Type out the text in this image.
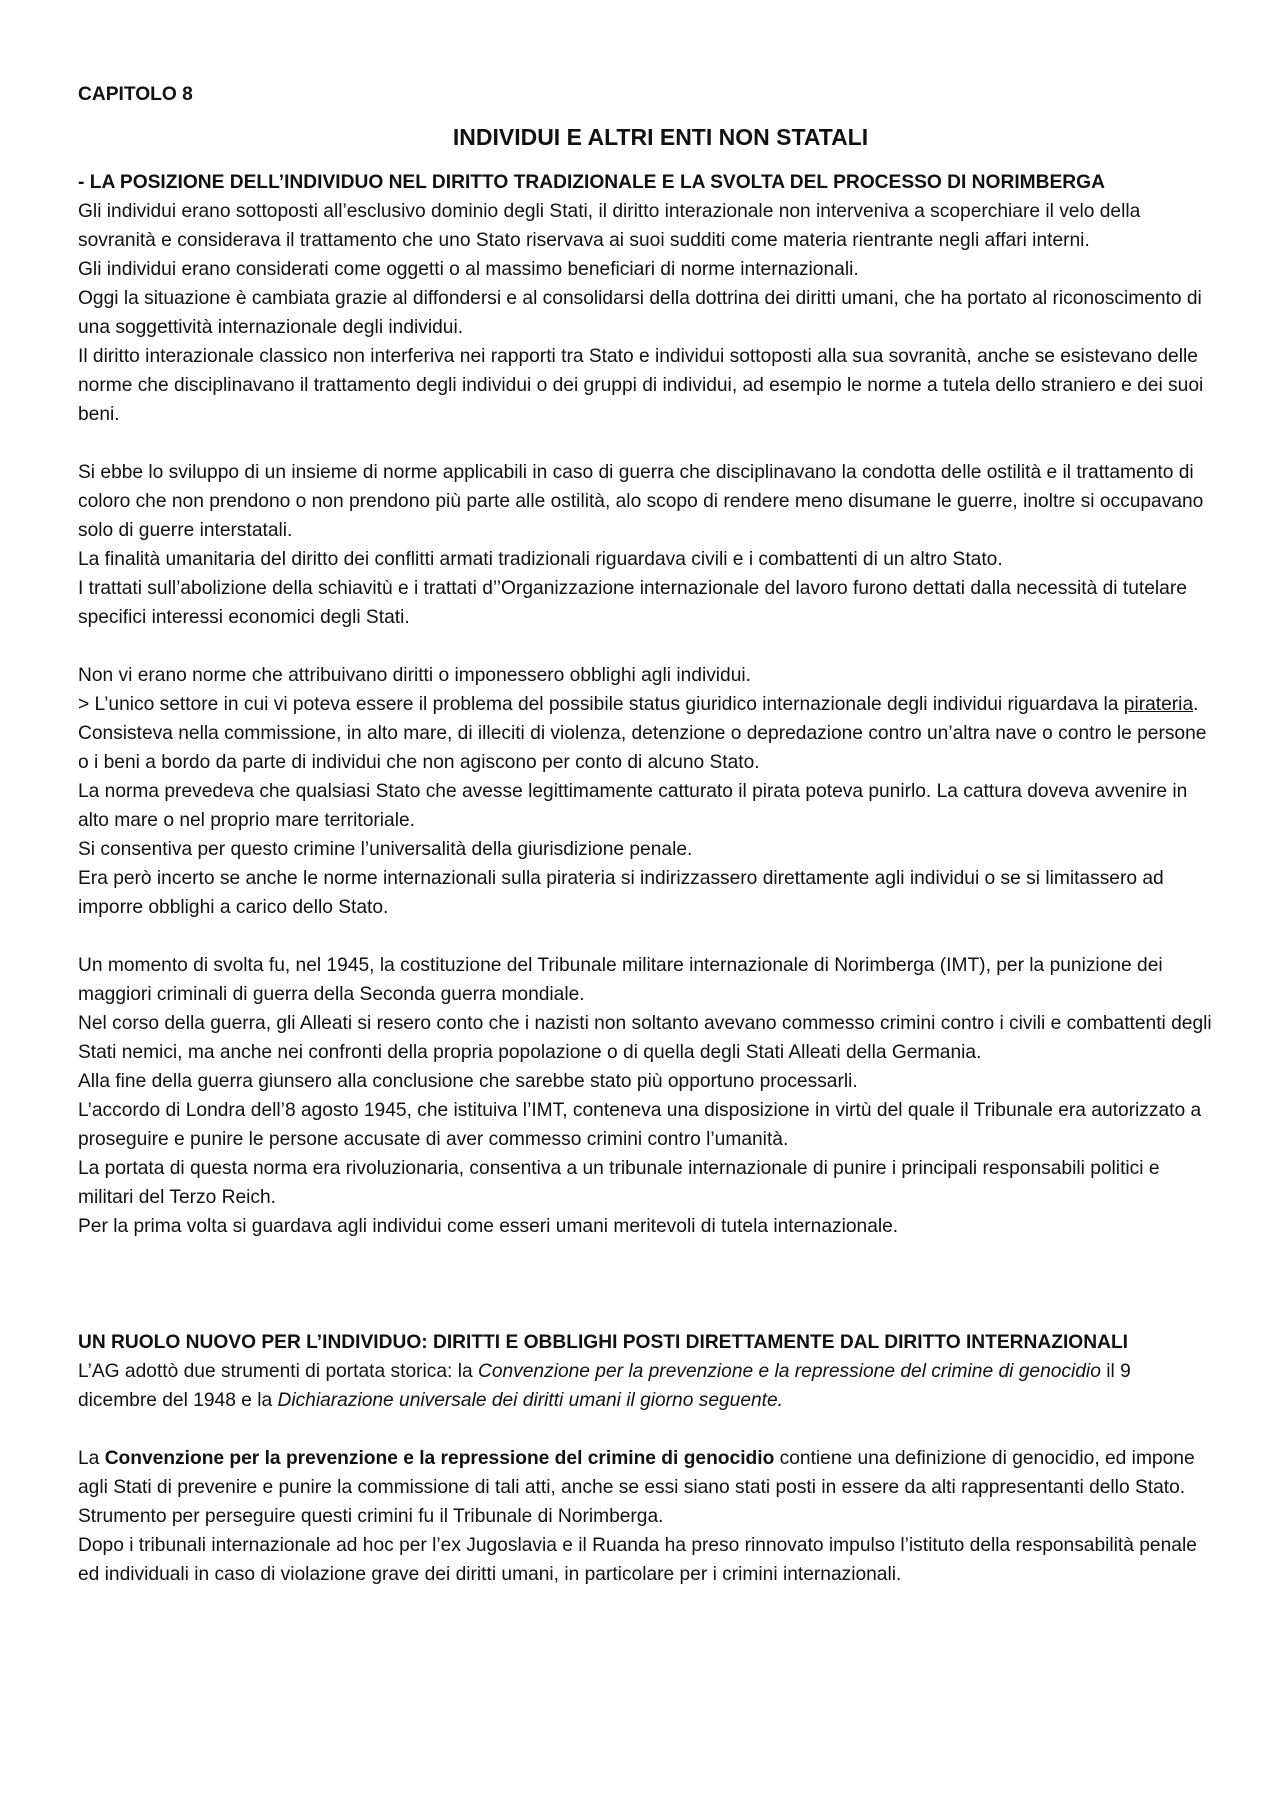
CAPITOLO 8
INDIVIDUI E ALTRI ENTI NON STATALI
- LA POSIZIONE DELL’INDIVIDUO NEL DIRITTO TRADIZIONALE E LA SVOLTA DEL PROCESSO DI NORIMBERGA

Gli individui erano sottoposti all’esclusivo dominio degli Stati, il diritto interazionale non interveniva a scoperchiare il velo della sovranità e considerava il trattamento che uno Stato riservava ai suoi sudditi come materia rientrante negli affari interni.

Gli individui erano considerati come oggetti o al massimo beneficiari di norme internazionali.

Oggi la situazione è cambiata grazie al diffondersi e al consolidarsi della dottrina dei diritti umani, che ha portato al riconoscimento di una soggettività internazionale degli individui.

Il diritto interazionale classico non interferiva nei rapporti tra Stato e individui sottoposti alla sua sovranità, anche se esistevano delle norme che disciplinavano il trattamento degli individui o dei gruppi di individui, ad esempio le norme a tutela dello straniero e dei suoi beni.

Si ebbe lo sviluppo di un insieme di norme applicabili in caso di guerra che disciplinavano la condotta delle ostilità e il trattamento di coloro che non prendono o non prendono più parte alle ostilità, alo scopo di rendere meno disumane le guerre, inoltre si occupavano solo di guerre interstatali.

La finalità umanitaria del diritto dei conflitti armati tradizionali riguardava civili e i combattenti di un altro Stato.

I trattati sull’abolizione della schiavitù e i trattati d’’Organizzazione internazionale del lavoro furono dettati dalla necessità di tutelare specifici interessi economici degli Stati.

Non vi erano norme che attribuivano diritti o imponessero obblighi agli individui.

> L’unico settore in cui vi poteva essere il problema del possibile status giuridico internazionale degli individui riguardava la pirateria.

Consisteva nella commissione, in alto mare, di illeciti di violenza, detenzione o depredazione contro un’altra nave o contro le persone o i beni a bordo da parte di individui che non agiscono per conto di alcuno Stato.

La norma prevedeva che qualsiasi Stato che avesse legittimamente catturato il pirata poteva punirlo. La cattura doveva avvenire in alto mare o nel proprio mare territoriale.

Si consentiva per questo crimine l’universalità della giurisdizione penale.

Era però incerto se anche le norme internazionali sulla pirateria si indirizzassero direttamente agli individui o se si limitassero ad imporre obblighi a carico dello Stato.

Un momento di svolta fu, nel 1945, la costituzione del Tribunale militare internazionale di Norimberga (IMT), per la punizione dei maggiori criminali di guerra della Seconda guerra mondiale.

Nel corso della guerra, gli Alleati si resero conto che i nazisti non soltanto avevano commesso crimini contro i civili e combattenti degli Stati nemici, ma anche nei confronti della propria popolazione o di quella degli Stati Alleati della Germania.

Alla fine della guerra giunsero alla conclusione che sarebbe stato più opportuno processarli.

L’accordo di Londra dell’8 agosto 1945, che istituiva l’IMT, conteneva una disposizione in virtù del quale il Tribunale era autorizzato a proseguire e punire le persone accusate di aver commesso crimini contro l’umanità.

La portata di questa norma era rivoluzionaria, consentiva a un tribunale internazionale di punire i principali responsabili politici e militari del Terzo Reich.

Per la prima volta si guardava agli individui come esseri umani meritevoli di tutela internazionale.

UN RUOLO NUOVO PER L’INDIVIDUO: DIRITTI E OBBLIGHI POSTI DIRETTAMENTE DAL DIRITTO INTERNAZIONALI

L’AG adottò due strumenti di portata storica: la Convenzione per la prevenzione e la repressione del crimine di genocidio il 9 dicembre del 1948 e la Dichiarazione universale dei diritti umani il giorno seguente.

La Convenzione per la prevenzione e la repressione del crimine di genocidio contiene una definizione di genocidio, ed impone agli Stati di prevenire e punire la commissione di tali atti, anche se essi siano stati posti in essere da alti rappresentanti dello Stato. Strumento per perseguire questi crimini fu il Tribunale di Norimberga.

Dopo i tribunali internazionale ad hoc per l’ex Jugoslavia e il Ruanda ha preso rinnovato impulso l’istituto della responsabilità penale ed individuali in caso di violazione grave dei diritti umani, in particolare per i crimini internazionali.
